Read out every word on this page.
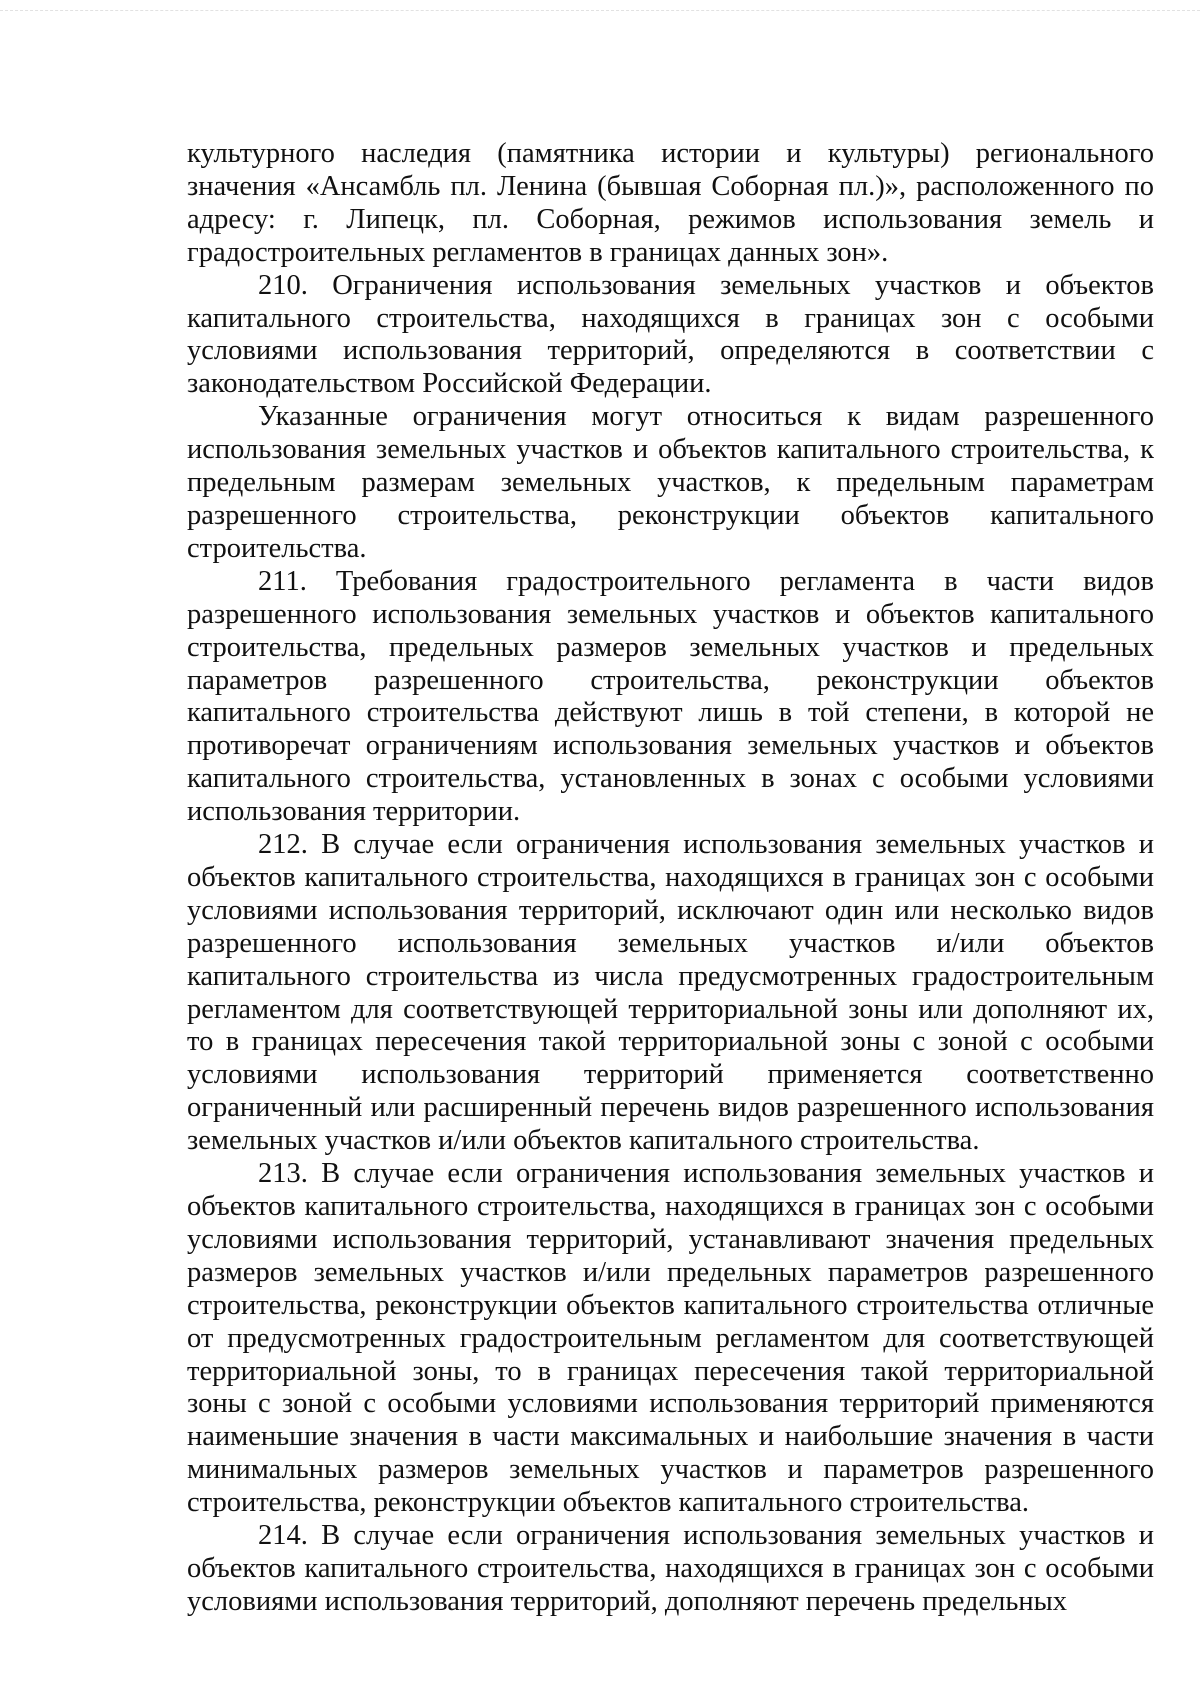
культурного наследия (памятника истории и культуры) регионального значения «Ансамбль пл. Ленина (бывшая Соборная пл.)», расположенного по адресу: г. Липецк, пл. Соборная, режимов использования земель и градостроительных регламентов в границах данных зон».

210. Ограничения использования земельных участков и объектов капитального строительства, находящихся в границах зон с особыми условиями использования территорий, определяются в соответствии с законодательством Российской Федерации.

Указанные ограничения могут относиться к видам разрешенного использования земельных участков и объектов капитального строительства, к предельным размерам земельных участков, к предельным параметрам разрешенного строительства, реконструкции объектов капитального строительства.

211. Требования градостроительного регламента в части видов разрешенного использования земельных участков и объектов капитального строительства, предельных размеров земельных участков и предельных параметров разрешенного строительства, реконструкции объектов капитального строительства действуют лишь в той степени, в которой не противоречат ограничениям использования земельных участков и объектов капитального строительства, установленных в зонах с особыми условиями использования территории.

212. В случае если ограничения использования земельных участков и объектов капитального строительства, находящихся в границах зон с особыми условиями использования территорий, исключают один или несколько видов разрешенного использования земельных участков и/или объектов капитального строительства из числа предусмотренных градостроительным регламентом для соответствующей территориальной зоны или дополняют их, то в границах пересечения такой территориальной зоны с зоной с особыми условиями использования территорий применяется соответственно ограниченный или расширенный перечень видов разрешенного использования земельных участков и/или объектов капитального строительства.

213. В случае если ограничения использования земельных участков и объектов капитального строительства, находящихся в границах зон с особыми условиями использования территорий, устанавливают значения предельных размеров земельных участков и/или предельных параметров разрешенного строительства, реконструкции объектов капитального строительства отличные от предусмотренных градостроительным регламентом для соответствующей территориальной зоны, то в границах пересечения такой территориальной зоны с зоной с особыми условиями использования территорий применяются наименьшие значения в части максимальных и наибольшие значения в части минимальных размеров земельных участков и параметров разрешенного строительства, реконструкции объектов капитального строительства.

214. В случае если ограничения использования земельных участков и объектов капитального строительства, находящихся в границах зон с особыми условиями использования территорий, дополняют перечень предельных
